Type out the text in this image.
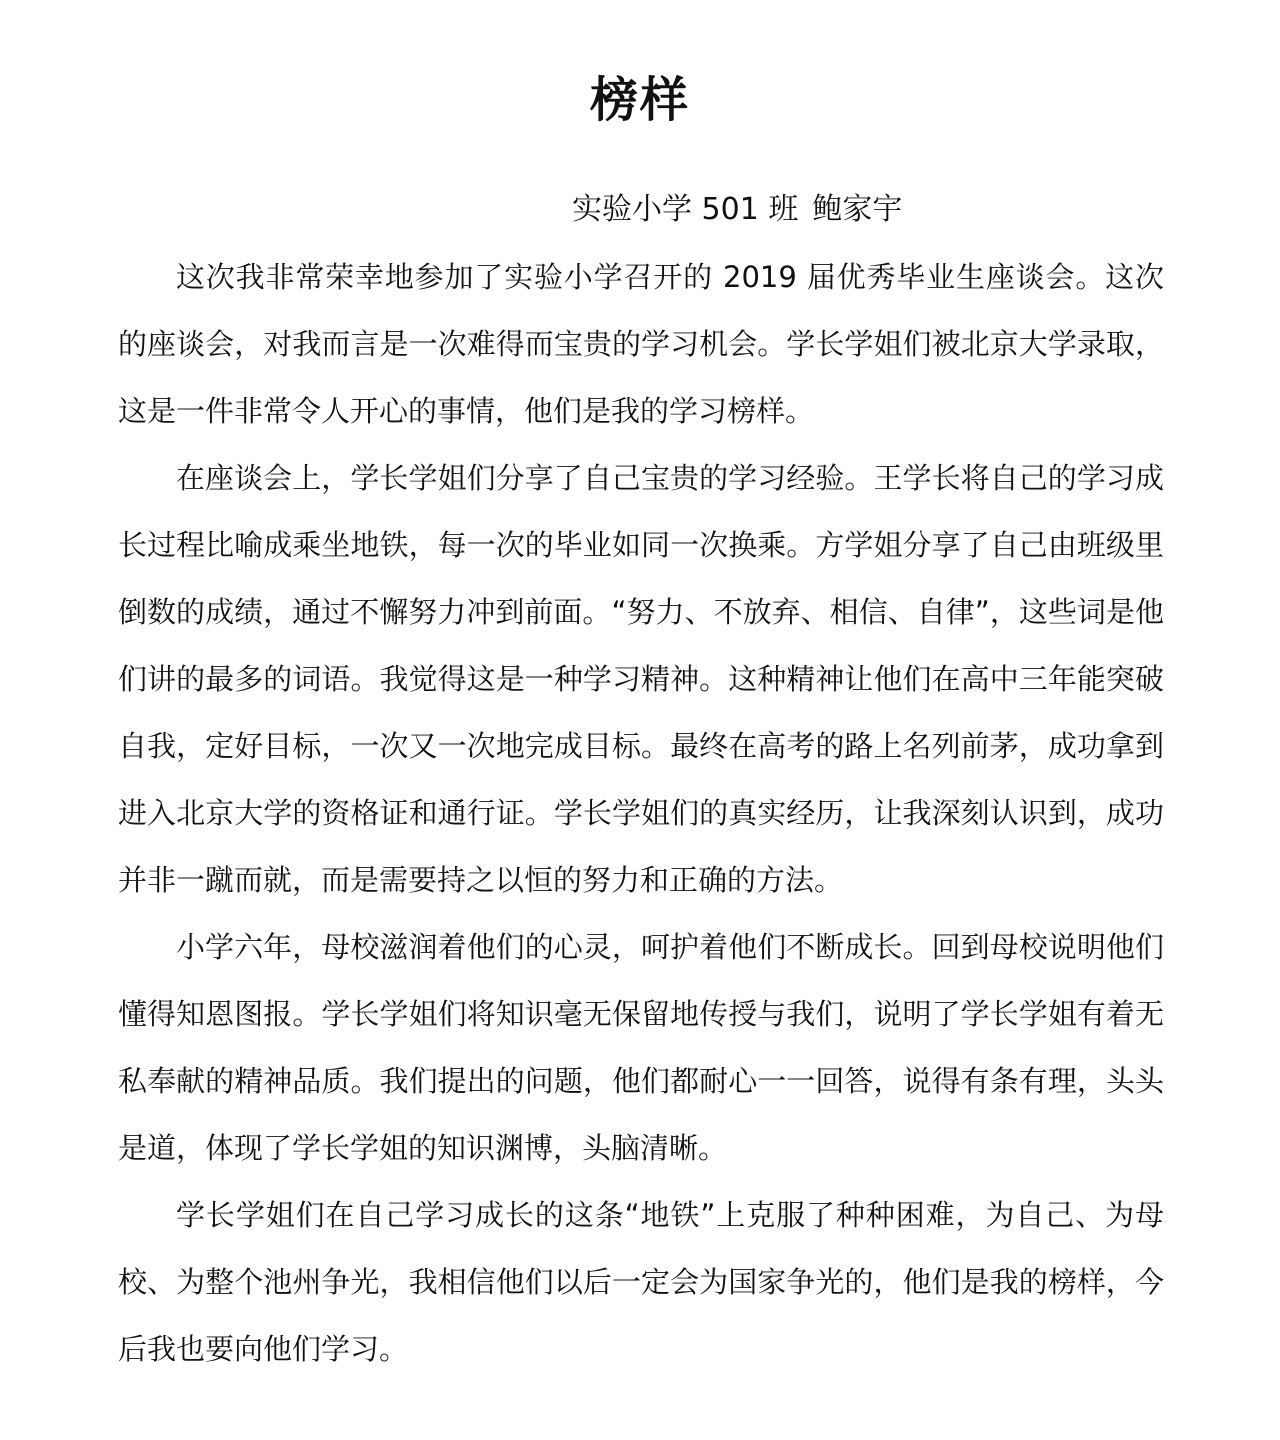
榜样

实验小学 501 班 鲍家宇

这次我非常荣幸地参加了实验小学召开的 2019 届优秀毕业生座谈会。这次的座谈会，对我而言是一次难得而宝贵的学习机会。学长学姐们被北京大学录取，这是一件非常令人开心的事情，他们是我的学习榜样。

在座谈会上，学长学姐们分享了自己宝贵的学习经验。王学长将自己的学习成长过程比喻成乘坐地铁，每一次的毕业如同一次换乘。方学姐分享了自己由班级里倒数的成绩，通过不懈努力冲到前面。“努力、不放弃、相信、自律”，这些词是他们讲的最多的词语。我觉得这是一种学习精神。这种精神让他们在高中三年能突破自我，定好目标，一次又一次地完成目标。最终在高考的路上名列前茅，成功拿到进入北京大学的资格证和通行证。学长学姐们的真实经历，让我深刻认识到，成功并非一蹴而就，而是需要持之以恒的努力和正确的方法。

小学六年，母校滋润着他们的心灵，呵护着他们不断成长。回到母校说明他们懂得知恩图报。学长学姐们将知识毫无保留地传授与我们，说明了学长学姐有着无私奉献的精神品质。我们提出的问题，他们都耐心一一回答，说得有条有理，头头是道，体现了学长学姐的知识渊博，头脑清晰。

学长学姐们在自己学习成长的这条“地铁”上克服了种种困难，为自己、为母校、为整个池州争光，我相信他们以后一定会为国家争光的，他们是我的榜样，今后我也要向他们学习。
